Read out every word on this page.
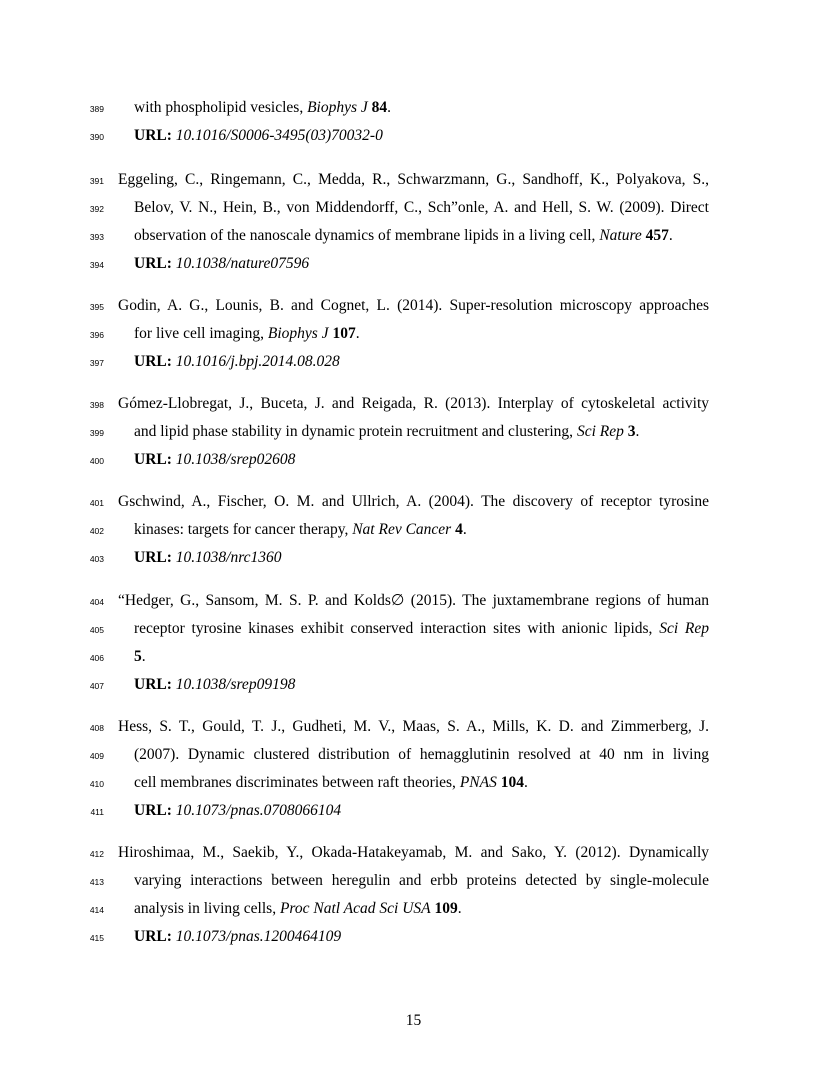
389 with phospholipid vesicles, Biophys J 84.
390 URL: 10.1016/S0006-3495(03)70032-0
391 Eggeling, C., Ringemann, C., Medda, R., Schwarzmann, G., Sandhoff, K., Polyakova, S.,
392 Belov, V. N., Hein, B., von Middendorff, C., Sch”onle, A. and Hell, S. W. (2009). Direct
393 observation of the nanoscale dynamics of membrane lipids in a living cell, Nature 457.
394 URL: 10.1038/nature07596
395 Godin, A. G., Lounis, B. and Cognet, L. (2014). Super-resolution microscopy approaches
396 for live cell imaging, Biophys J 107.
397 URL: 10.1016/j.bpj.2014.08.028
398 Gómez-Llobregat, J., Buceta, J. and Reigada, R. (2013). Interplay of cytoskeletal activity
399 and lipid phase stability in dynamic protein recruitment and clustering, Sci Rep 3.
400 URL: 10.1038/srep02608
401 Gschwind, A., Fischer, O. M. and Ullrich, A. (2004). The discovery of receptor tyrosine
402 kinases: targets for cancer therapy, Nat Rev Cancer 4.
403 URL: 10.1038/nrc1360
404 “Hedger, G., Sansom, M. S. P. and Kolds∅ (2015). The juxtamembrane regions of human
405 receptor tyrosine kinases exhibit conserved interaction sites with anionic lipids, Sci Rep
406 5.
407 URL: 10.1038/srep09198
408 Hess, S. T., Gould, T. J., Gudheti, M. V., Maas, S. A., Mills, K. D. and Zimmerberg, J.
409 (2007). Dynamic clustered distribution of hemagglutinin resolved at 40 nm in living
410 cell membranes discriminates between raft theories, PNAS 104.
411 URL: 10.1073/pnas.0708066104
412 Hiroshimaa, M., Saekib, Y., Okada-Hatakeyamab, M. and Sako, Y. (2012). Dynamically
413 varying interactions between heregulin and erbb proteins detected by single-molecule
414 analysis in living cells, Proc Natl Acad Sci USA 109.
415 URL: 10.1073/pnas.1200464109
15
